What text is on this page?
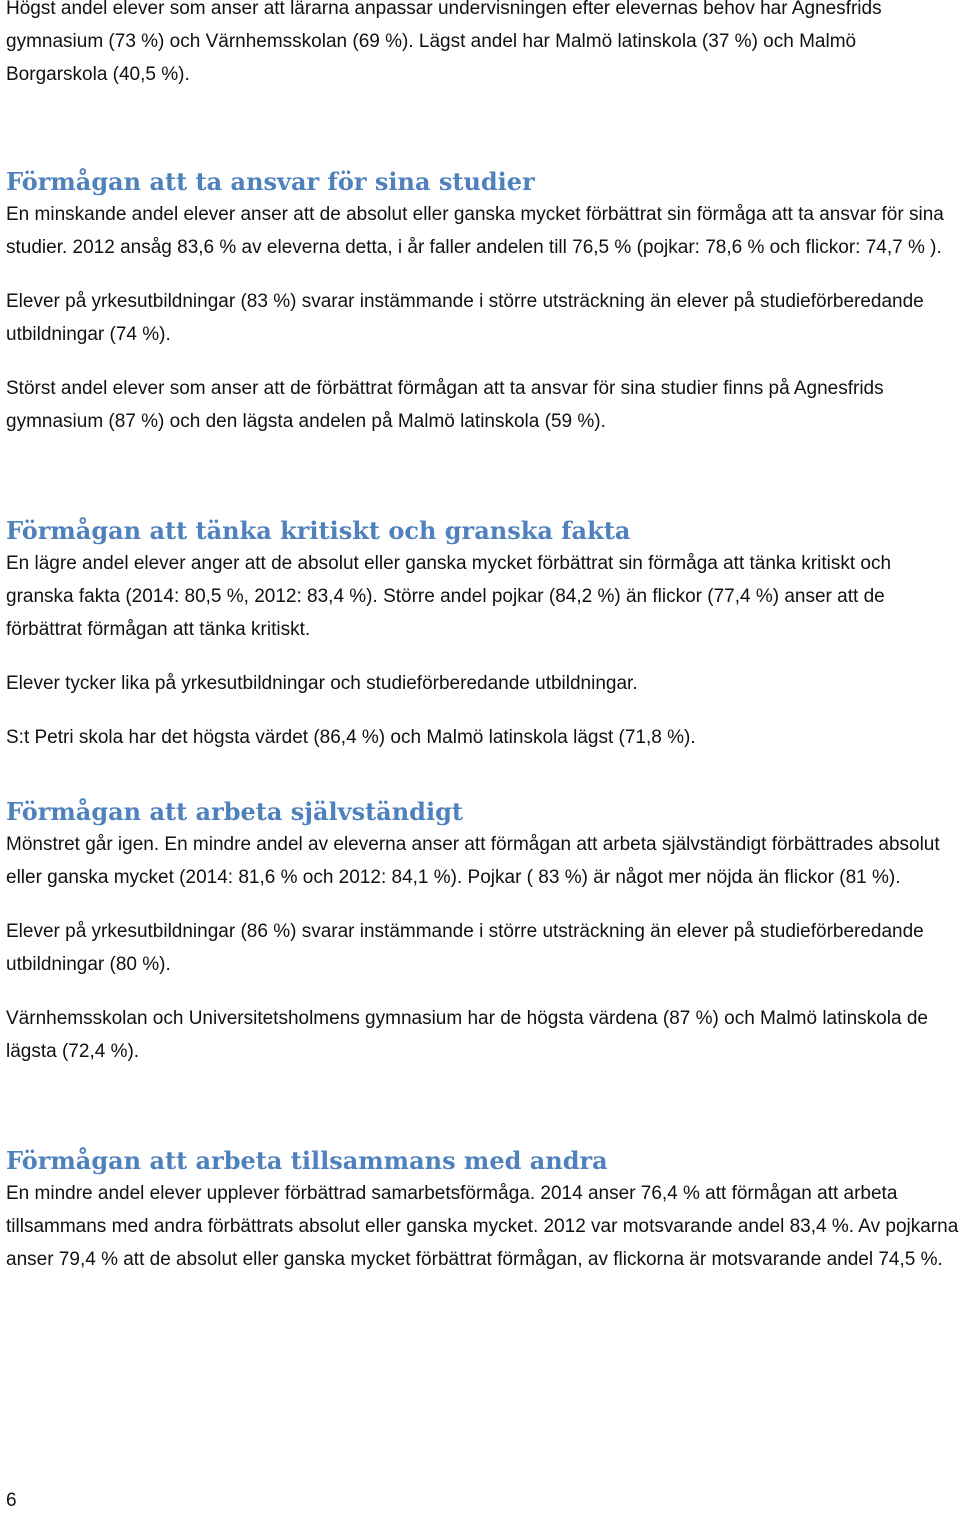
Högst andel elever som anser att lärarna anpassar undervisningen efter elevernas behov har Agnesfrids gymnasium (73 %) och Värnhemsskolan (69 %). Lägst andel har Malmö latinskola (37 %) och Malmö Borgarskola (40,5 %).

Förmågan att ta ansvar för sina studier

En minskande andel elever anser att de absolut eller ganska mycket förbättrat sin förmåga att ta ansvar för sina studier. 2012 ansåg 83,6 % av eleverna detta, i år faller andelen till 76,5 % (pojkar: 78,6 % och flickor: 74,7 % ).

Elever på yrkesutbildningar (83 %) svarar instämmande i större utsträckning än elever på studieförberedande utbildningar (74 %).

Störst andel elever som anser att de förbättrat förmågan att ta ansvar för sina studier finns på Agnesfrids gymnasium (87 %) och den lägsta andelen på Malmö latinskola (59 %).

Förmågan att tänka kritiskt och granska fakta

En lägre andel elever anger att de absolut eller ganska mycket förbättrat sin förmåga att tänka kritiskt och granska fakta (2014: 80,5 %, 2012: 83,4 %). Större andel pojkar (84,2 %) än flickor (77,4 %) anser att de förbättrat förmågan att tänka kritiskt.

Elever tycker lika på yrkesutbildningar och studieförberedande utbildningar.

S:t Petri skola har det högsta värdet (86,4 %) och Malmö latinskola lägst (71,8 %).

Förmågan att arbeta självständigt

Mönstret går igen. En mindre andel av eleverna anser att förmågan att arbeta självständigt förbättrades absolut eller ganska mycket (2014: 81,6 % och 2012: 84,1 %). Pojkar ( 83 %) är något mer nöjda än flickor (81 %).

Elever på yrkesutbildningar (86 %) svarar instämmande i större utsträckning än elever på studieförberedande utbildningar (80 %).

Värnhemsskolan och Universitetsholmens gymnasium har de högsta värdena (87 %) och Malmö latinskola de lägsta (72,4 %).

Förmågan att arbeta tillsammans med andra

En mindre andel elever upplever förbättrad samarbetsförmåga. 2014 anser 76,4 % att förmågan att arbeta tillsammans med andra förbättrats absolut eller ganska mycket. 2012 var motsvarande andel 83,4 %. Av pojkarna anser 79,4 % att de absolut eller ganska mycket förbättrat förmågan, av flickorna är motsvarande andel 74,5 %.

6
